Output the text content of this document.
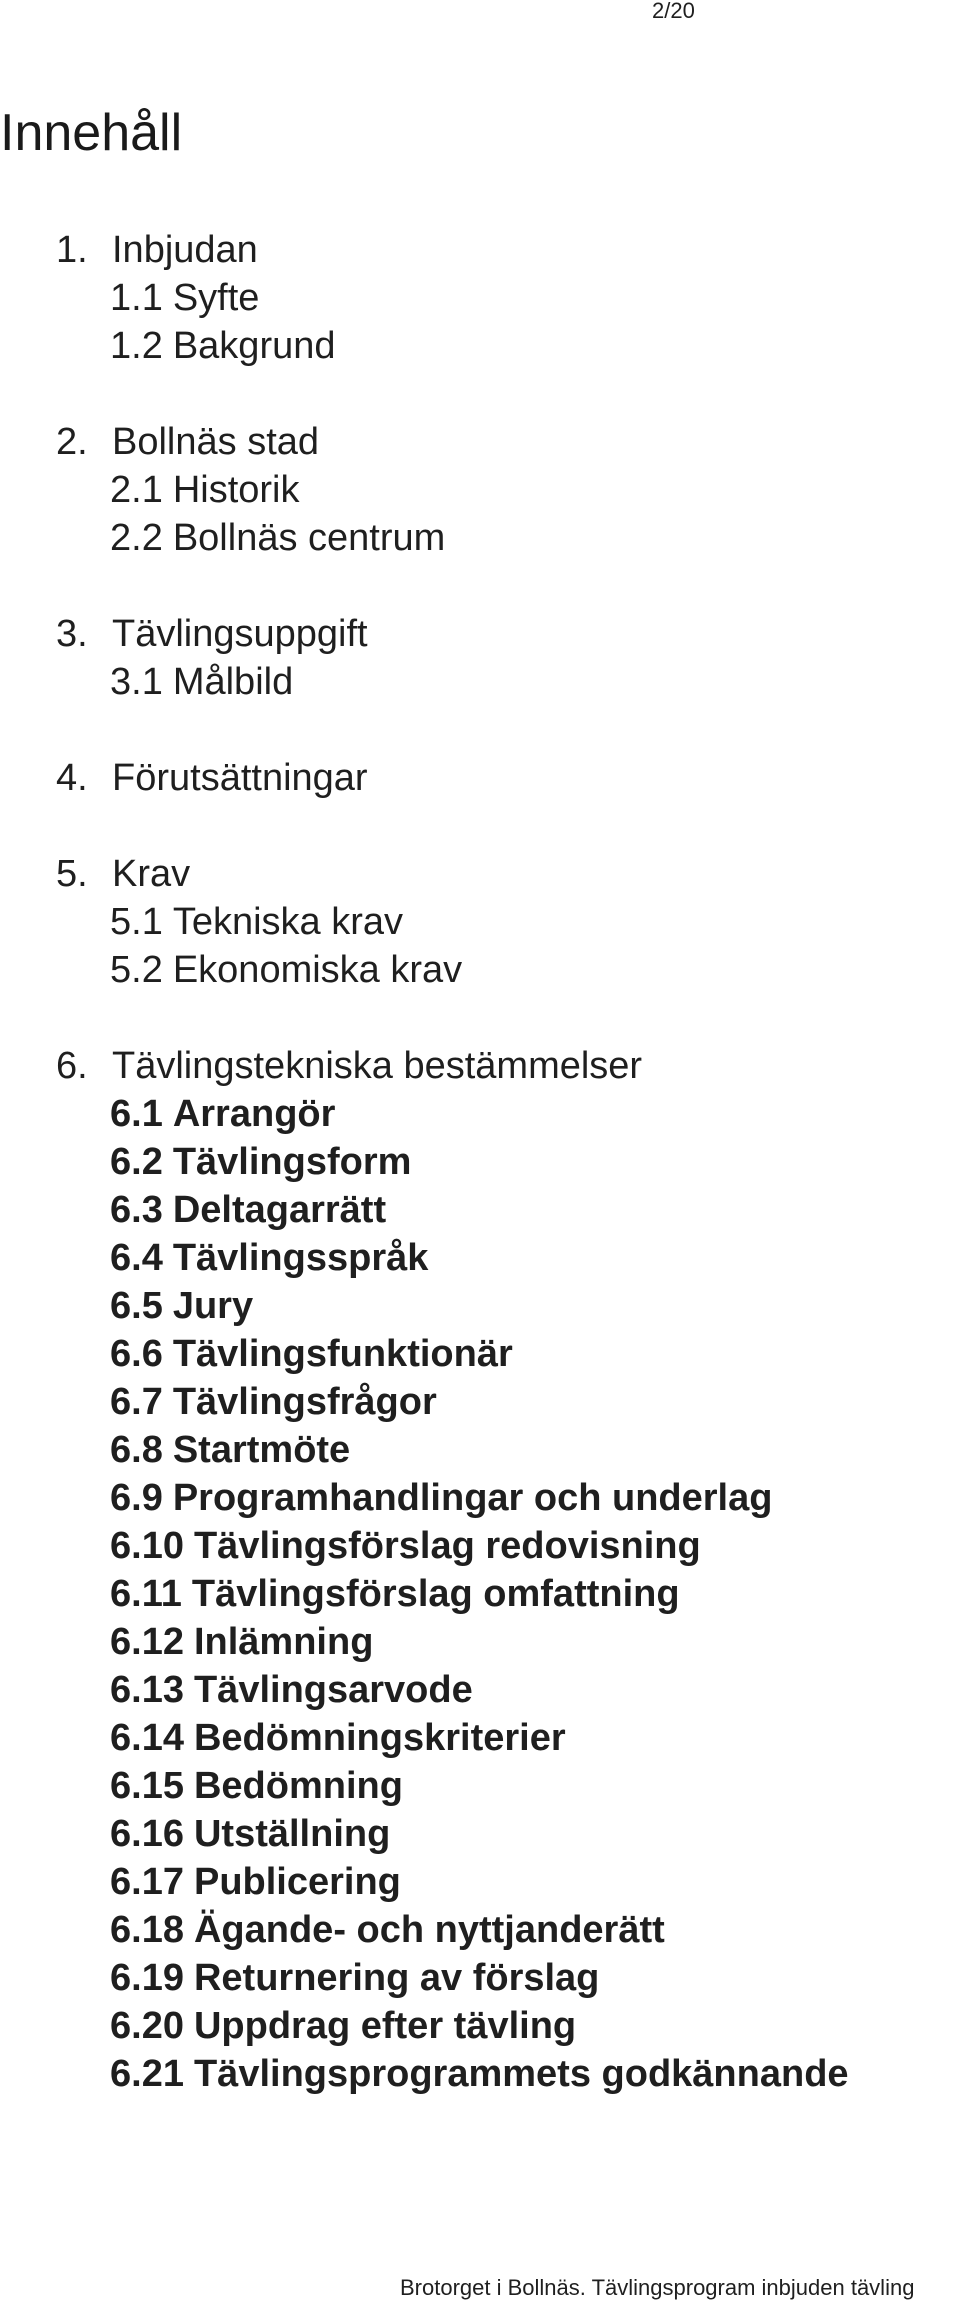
2/20
Innehåll
1. Inbjudan
1.1 Syfte
1.2 Bakgrund
2. Bollnäs stad
2.1 Historik
2.2 Bollnäs centrum
3. Tävlingsuppgift
3.1 Målbild
4. Förutsättningar
5. Krav
5.1 Tekniska krav
5.2 Ekonomiska krav
6. Tävlingstekniska bestämmelser
6.1 Arrangör
6.2 Tävlingsform
6.3 Deltagarrätt
6.4 Tävlingsspråk
6.5 Jury
6.6 Tävlingsfunktionär
6.7 Tävlingsfrågor
6.8 Startmöte
6.9 Programhandlingar och underlag
6.10 Tävlingsförslag redovisning
6.11 Tävlingsförslag omfattning
6.12 Inlämning
6.13 Tävlingsarvode
6.14 Bedömningskriterier
6.15 Bedömning
6.16 Utställning
6.17 Publicering
6.18 Ägande- och nyttjanderätt
6.19 Returnering av förslag
6.20 Uppdrag efter tävling
6.21 Tävlingsprogrammets godkännande
Brotorget i Bollnäs. Tävlingsprogram inbjuden tävling
